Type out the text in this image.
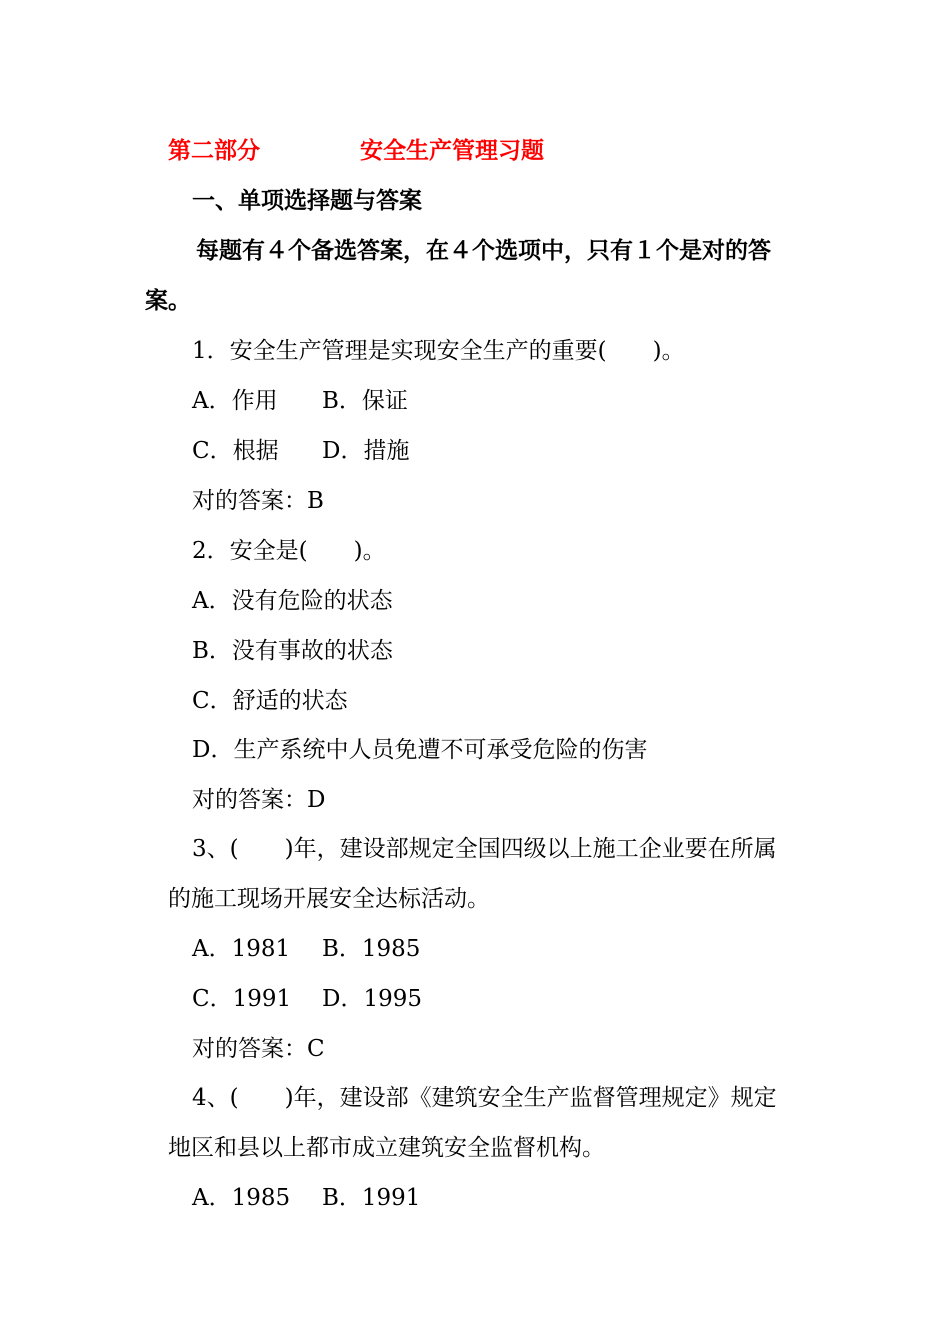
第二部分	安全生产管理习题
一、单项选择题与答案
每题有４个备选答案，在４个选项中，只有１个是对的答
案。
1．安全生产管理是实现安全生产的重要(　　)。
A．作用 B．保证
C．根据 D．措施
对的答案：B
2．安全是(　　)。
A．没有危险的状态
B．没有事故的状态
C．舒适的状态
D．生产系统中人员免遭不可承受危险的伤害
对的答案：D
3、(　　)年，建设部规定全国四级以上施工企业要在所属
的施工现场开展安全达标活动。
A．1981 B．1985
C．1991 D．1995
对的答案：C
4、(　　)年，建设部《建筑安全生产监督管理规定》规定
地区和县以上都市成立建筑安全监督机构。
A．1985 B．1991
